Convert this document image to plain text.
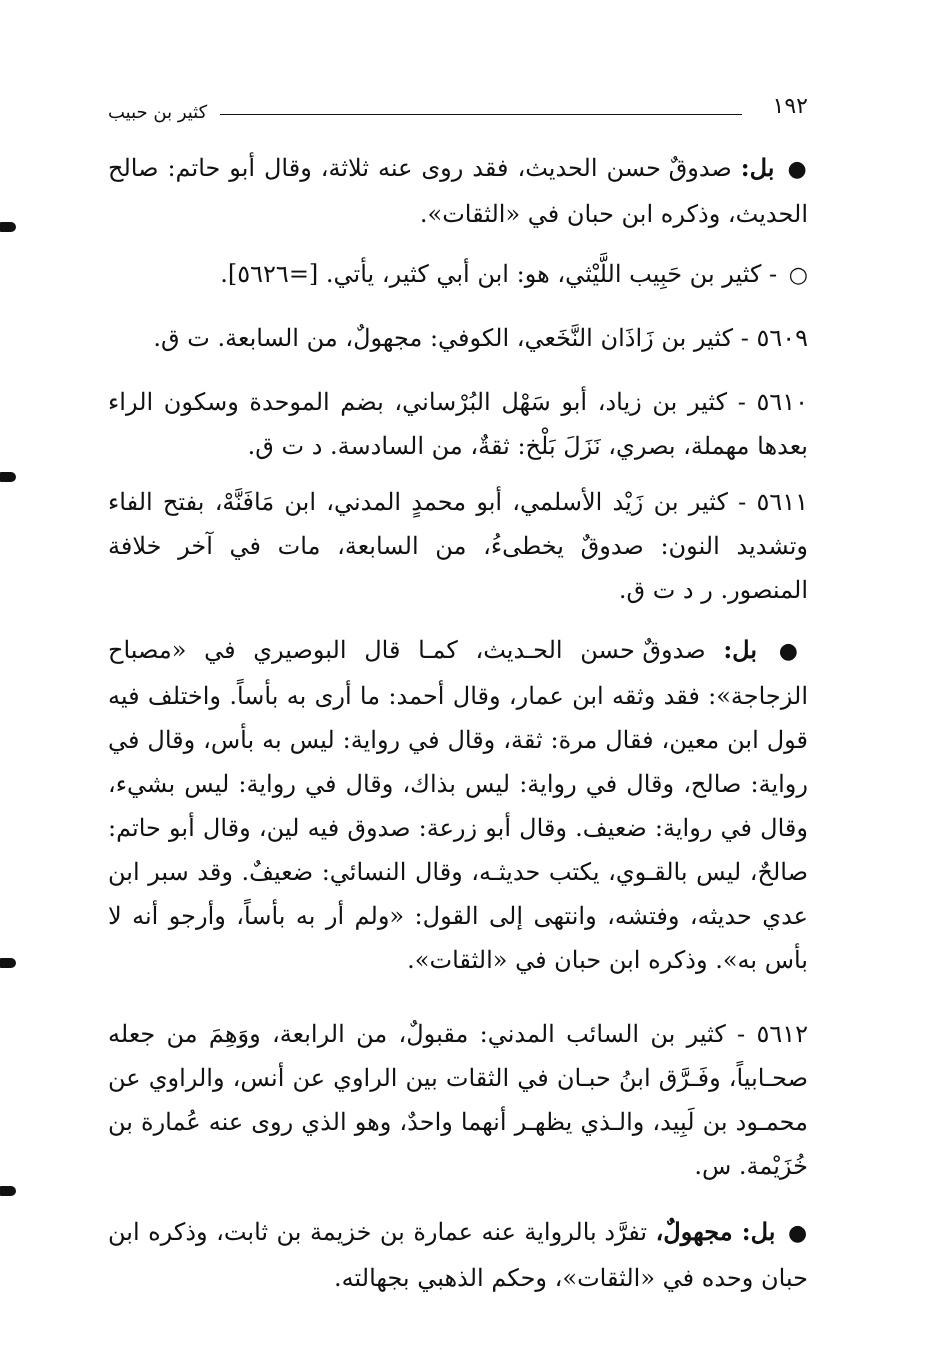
١٩٢
كثير بن حبيب
● بل: صدوقٌ حسن الحديث، فقد روى عنه ثلاثة، وقال أبو حاتم: صالح الحديث، وذكره ابن حبان في «الثقات».
○ - كثير بن حَبِيب اللَّيْثي، هو: ابن أبي كثير، يأتي. [=٥٦٢٦].
٥٦٠٩ - كثير بن زَاذَان النَّخَعي، الكوفي: مجهولٌ، من السابعة. ت ق.
٥٦١٠ - كثير بن زياد، أبو سَهْل البُرْساني، بضم الموحدة وسكون الراء بعدها مهملة، بصري، نَزَلَ بَلْخ: ثقةٌ، من السادسة. د ت ق.
٥٦١١ - كثير بن زَيْد الأسلمي، أبو محمدٍ المدني، ابن مَافَنَّهْ، بفتح الفاء وتشديد النون: صدوقٌ يخطىءُ، من السابعة، مات في آخر خلافة المنصور. ر د ت ق.
● بل: صدوقٌ حسن الحـديث، كمـا قال البوصيري في «مصباح الزجاجة»: فقد وثقه ابن عمار، وقال أحمد: ما أرى به بأساً. واختلف فيه قول ابن معين، فقال مرة: ثقة، وقال في رواية: ليس به بأس، وقال في رواية: صالح، وقال في رواية: ليس بذاك، وقال في رواية: ليس بشيء، وقال في رواية: ضعيف. وقال أبو زرعة: صدوق فيه لين، وقال أبو حاتم: صالحٌ، ليس بالقـوي، يكتب حديثـه، وقال النسائي: ضعيفٌ. وقد سبر ابن عدي حديثه، وفتشه، وانتهى إلى القول: «ولم أر به بأساً، وأرجو أنه لا بأس به». وذكره ابن حبان في «الثقات».
٥٦١٢ - كثير بن السائب المدني: مقبولٌ، من الرابعة، ووَهِمَ من جعله صحـابياً، وفَـرَّق ابنُ حبـان في الثقات بين الراوي عن أنس، والراوي عن محمـود بن لَبِيد، والـذي يظهـر أنهما واحدٌ، وهو الذي روى عنه عُمارة بن خُزَيْمة. س.
● بل: مجهولٌ، تفرَّد بالرواية عنه عمارة بن خزيمة بن ثابت، وذكره ابن حبان وحده في «الثقات»، وحكم الذهبي بجهالته.
